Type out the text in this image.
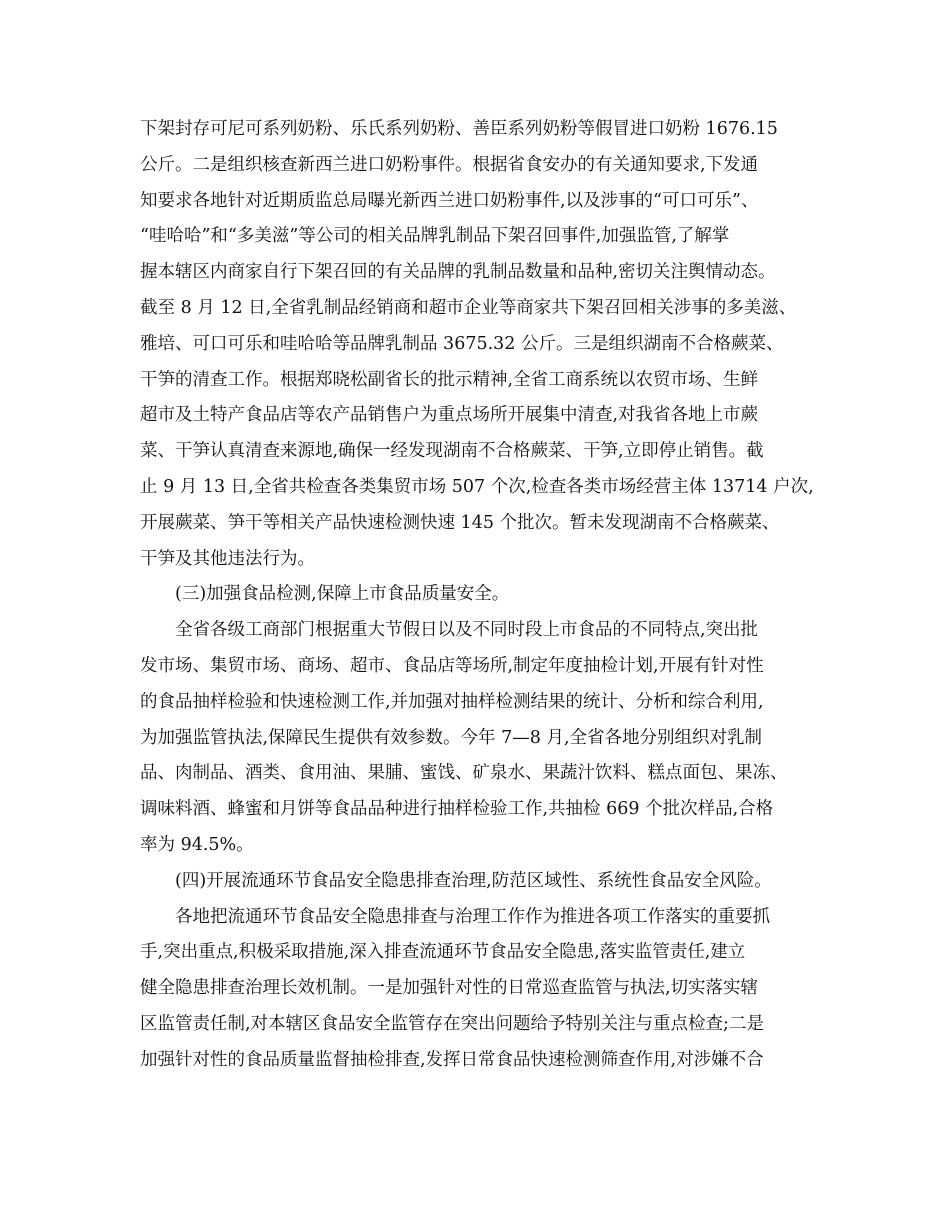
下架封存可尼可系列奶粉、乐氏系列奶粉、善臣系列奶粉等假冒进口奶粉 1676.15
公斤。二是组织核查新西兰进口奶粉事件。根据省食安办的有关通知要求,下发通
知要求各地针对近期质监总局曝光新西兰进口奶粉事件,以及涉事的“可口可乐”、
“哇哈哈”和“多美滋”等公司的相关品牌乳制品下架召回事件,加强监管,了解掌
握本辖区内商家自行下架召回的有关品牌的乳制品数量和品种,密切关注舆情动态。
截至 8 月 12 日,全省乳制品经销商和超市企业等商家共下架召回相关涉事的多美滋、
雅培、可口可乐和哇哈哈等品牌乳制品 3675.32 公斤。三是组织湖南不合格蕨菜、
干笋的清查工作。根据郑晓松副省长的批示精神,全省工商系统以农贸市场、生鲜
超市及土特产食品店等农产品销售户为重点场所开展集中清查,对我省各地上市蕨
菜、干笋认真清查来源地,确保一经发现湖南不合格蕨菜、干笋,立即停止销售。截
止 9 月 13 日,全省共检查各类集贸市场 507 个次,检查各类市场经营主体 13714 户次,
开展蕨菜、笋干等相关产品快速检测快速 145 个批次。暂未发现湖南不合格蕨菜、
干笋及其他违法行为。
(三)加强食品检测,保障上市食品质量安全。
全省各级工商部门根据重大节假日以及不同时段上市食品的不同特点,突出批
发市场、集贸市场、商场、超市、食品店等场所,制定年度抽检计划,开展有针对性
的食品抽样检验和快速检测工作,并加强对抽样检测结果的统计、分析和综合利用,
为加强监管执法,保障民生提供有效参数。今年 7—8 月,全省各地分别组织对乳制
品、肉制品、酒类、食用油、果脯、蜜饯、矿泉水、果蔬汁饮料、糕点面包、果冻、
调味料酒、蜂蜜和月饼等食品品种进行抽样检验工作,共抽检 669 个批次样品,合格
率为 94.5%。
(四)开展流通环节食品安全隐患排查治理,防范区域性、系统性食品安全风险。
各地把流通环节食品安全隐患排查与治理工作作为推进各项工作落实的重要抓
手,突出重点,积极采取措施,深入排查流通环节食品安全隐患,落实监管责任,建立
健全隐患排查治理长效机制。一是加强针对性的日常巡查监管与执法,切实落实辖
区监管责任制,对本辖区食品安全监管存在突出问题给予特别关注与重点检查;二是
加强针对性的食品质量监督抽检排查,发挥日常食品快速检测筛查作用,对涉嫌不合
